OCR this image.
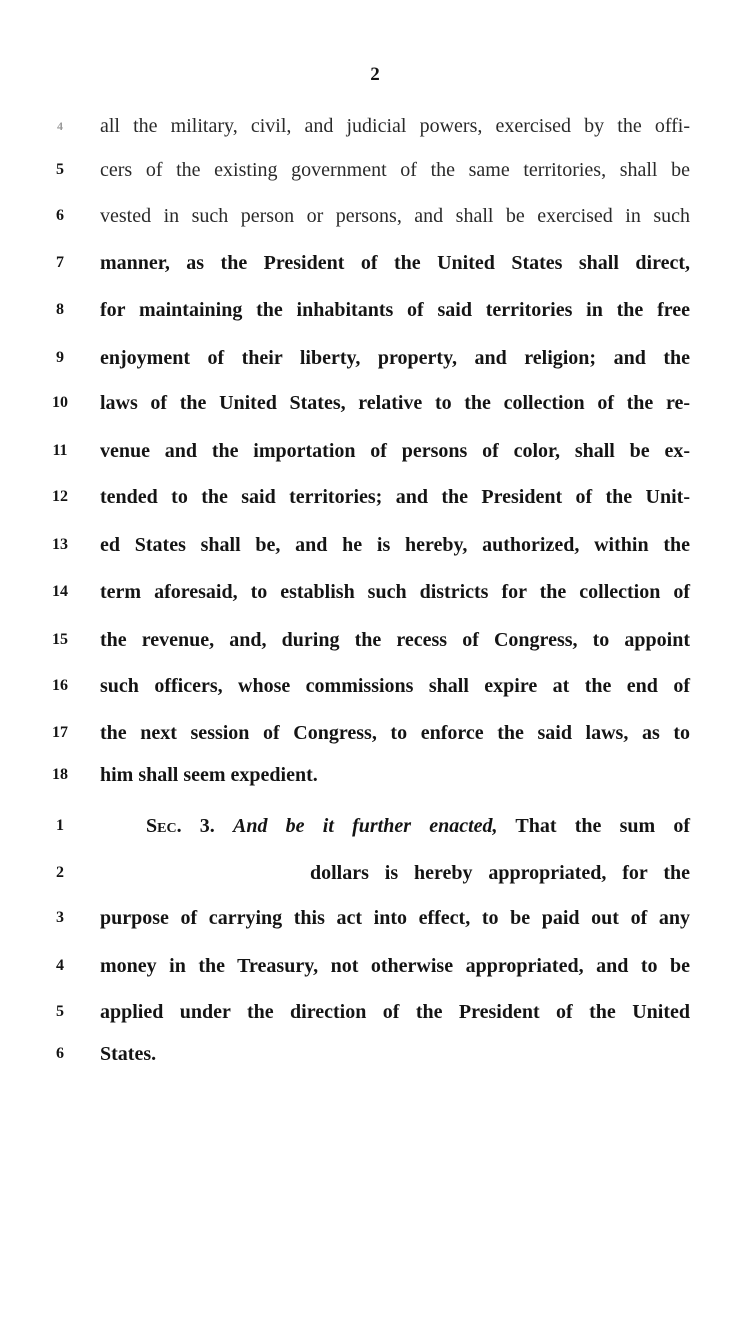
2
4	all the military, civil, and judicial powers, exercised by the offi-
5	cers of the existing government of the same territories, shall be
6	vested in such person or persons, and shall be exercised in such
7	manner, as the President of the United States shall direct,
8	for maintaining the inhabitants of said territories in the free
9	enjoyment of their liberty, property, and religion; and the
10	laws of the United States, relative to the collection of the re-
11	venue and the importation of persons of color, shall be ex-
12	tended to the said territories; and the President of the Unit-
13	ed States shall be, and he is hereby, authorized, within the
14	term aforesaid, to establish such districts for the collection of
15	the revenue, and, during the recess of Congress, to appoint
16	such officers, whose commissions shall expire at the end of
17	the next session of Congress, to enforce the said laws, as to
18	him shall seem expedient.
1	Sec. 3. And be it further enacted, That the sum of
2	dollars is hereby appropriated, for the
3	purpose of carrying this act into effect, to be paid out of any
4	money in the Treasury, not otherwise appropriated, and to be
5	applied under the direction of the President of the United
6	States.
